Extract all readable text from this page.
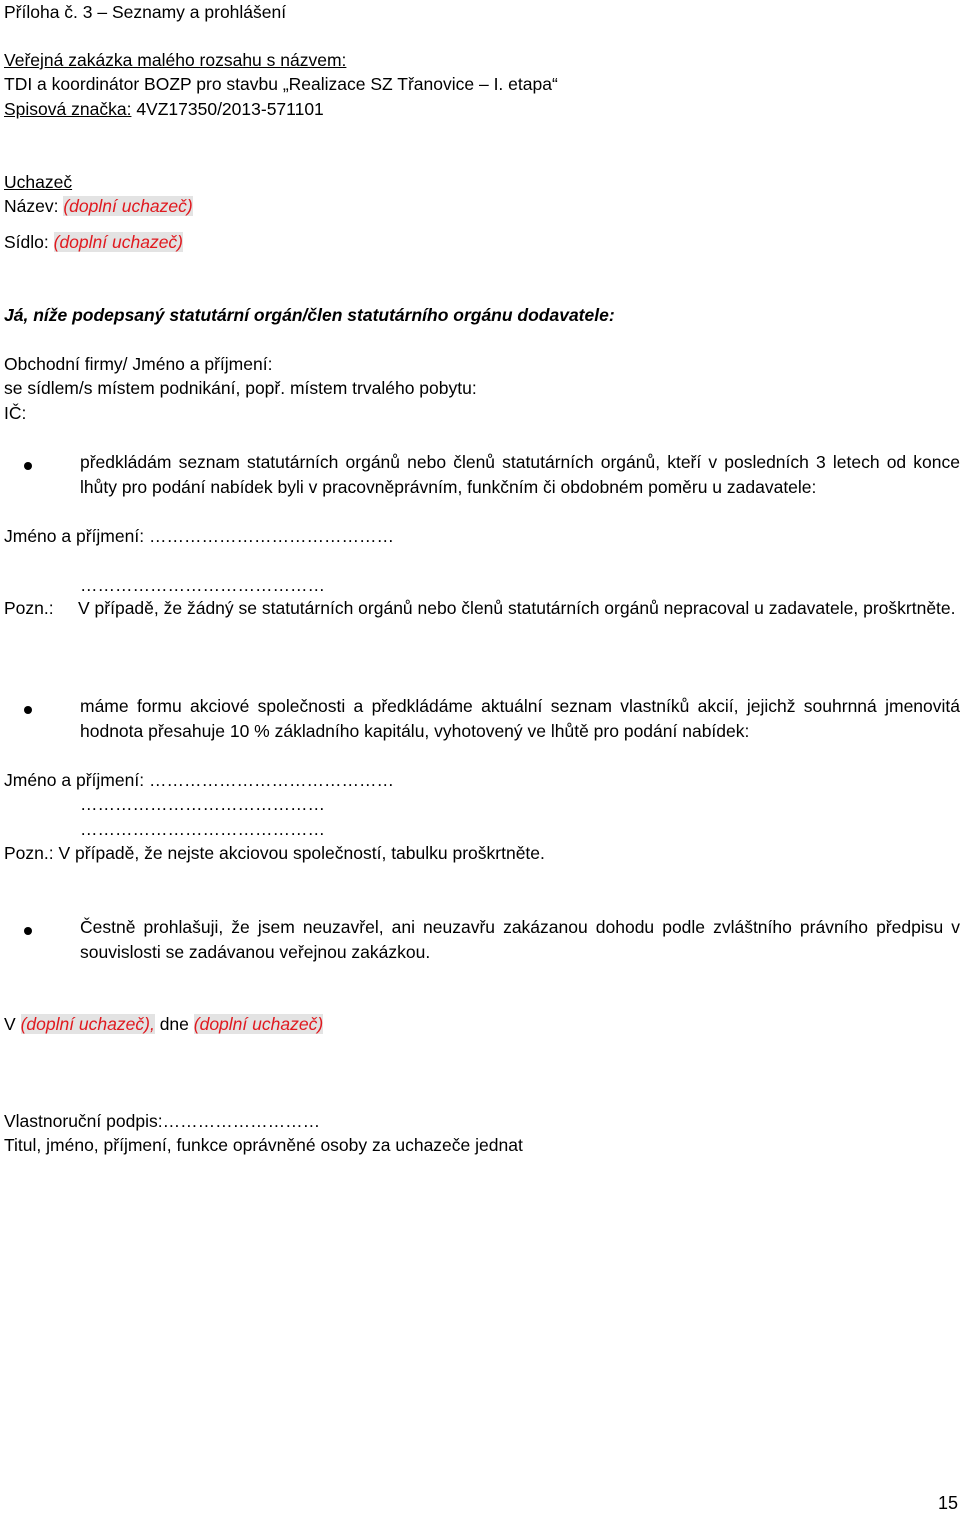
Příloha č. 3 – Seznamy a prohlášení
Veřejná zakázka malého rozsahu s názvem:
TDI a koordinátor BOZP pro stavbu „Realizace SZ Třanovice – I. etapa“
Spisová značka: 4VZ17350/2013-571101
Uchazeč
Název: (doplní uchazeč)
Sídlo: (doplní uchazeč)
Já, níže podepsaný statutární orgán/člen statutárního orgánu dodavatele:
Obchodní firmy/ Jméno a příjmení:
se sídlem/s místem podnikání, popř. místem trvalého pobytu:
IČ:
předkládám seznam statutárních orgánů nebo členů statutárních orgánů, kteří v posledních 3 letech od konce lhůty pro podání nabídek byli v pracovněprávním, funkčním či obdobném poměru u zadavatele:
Jméno a příjmení: ……………………………………
……………………………………
Pozn.: V případě, že žádný se statutárních orgánů nebo členů statutárních orgánů nepracoval u zadavatele, proškrtněte.
máme formu akciové společnosti a předkládáme aktuální seznam vlastníků akcií, jejichž souhrnná jmenovitá hodnota přesahuje 10 % základního kapitálu, vyhotovený ve lhůtě pro podání nabídek:
Jméno a příjmení: ……………………………………
……………………………………
……………………………………
Pozn.: V případě, že nejste akciovou společností, tabulku proškrtněte.
Čestně prohlašuji, že jsem neuzavřel, ani neuzavřu zakázanou dohodu podle zvláštního právního předpisu v souvislosti se zadávanou veřejnou zakázkou.
V (doplní uchazeč), dne (doplní uchazeč)
Vlastnoruční podpis:………………………
Titul, jméno, příjmení, funkce oprávněné osoby za uchazeče jednat
15
